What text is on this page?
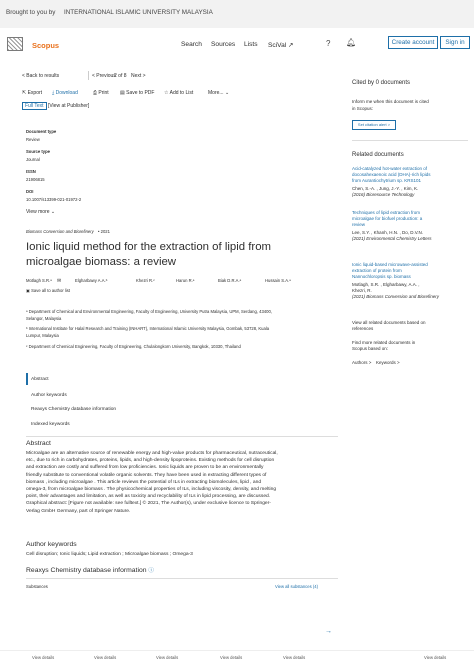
Brought to you by INTERNATIONAL ISLAMIC UNIVERSITY MALAYSIA
Scopus	Search Sources Lists SciVal ↗	? 🔔︎	Create account	Sign in
< Back to results	< Previous
2 of 8 Next >
⇱ Export ⤓ Download	⎙ Print ▤ Save to PDF ☆ Add to List	More... ⌄
Full Text [View at Publisher]
Document type
Review
Source type
Journal
ISSN
21906815
DOI
10.1007/s13399-021-01972-2
View more ⌄
Biomass Conversion and Biorefinery • 2021
Ionic liquid method for the extraction of lipid from
microalgae biomass: a review
Motlagh S.R.ᵃ ✉	Elgharbawy A.A.ᵇ	Khezri R.ᶜ	Harun R.ᵃ	Biak D.R.A.ᵃ	Hussain S.A.ᵃ
▣ Save all to author list
ᵃ Department of Chemical and Environmental Engineering, Faculty of Engineering, University Putra Malaysia, UPM, Serdang, 43400,
Selangor, Malaysia
ᵇ International Institute for Halal Research and Training (INHART), International Islamic University Malaysia, Gombak, 53728, Kuala
Lumpur, Malaysia
ᶜ Department of Chemical Engineering, Faculty of Engineering, Chulalongkorn University, Bangkok, 10330, Thailand
Abstract
Author keywords
Reaxys Chemistry database information
Indexed keywords
Abstract
Microalgae are an alternative source of renewable energy and high-value products for pharmaceutical, nutraceutical,
etc., due to rich in carbohydrates, proteins, lipids, and high-density lipoproteins. Existing methods for cell disruption
and extraction are costly and suffered from low proficiencies. Ionic liquids are proven to be an environmentally
friendly substitute to conventional volatile organic solvents. They have been used in extracting different types of
biomass , including microalgae . This article reviews the potential of ILs in extracting biomolecules, lipid , and
omega-3, from microalgae biomass . The physicochemical properties of ILs, including viscosity, density, and melting
point, their advantages and limitation, as well as toxicity and recyclability of ILs in lipid processing, are discussed.
Graphical abstract: [Figure not available: see fulltext.] © 2021, The Author(s), under exclusive licence to Springer-
Verlag GmbH Germany, part of Springer Nature.
Author keywords
Cell disruption; Ionic liquids; Lipid extraction ; Microalgae biomass ; Omega-3
Reaxys Chemistry database information ⓘ
Substances	View all substances (4)
→
View details	View details	View details	View details	View details	View details
Cited by 0 documents
Inform me when this document is cited
in Scopus:
Set citation alert >
Related documents
Acid-catalyzed hot-water extraction of
docosahexaenoic acid (DHA)-rich lipids
from Aurantiochytrium sp. KRS101
Chen, S.-A. , Jung, J.-Y. , Kim, K.
(2016) Bioresource Technology
Techniques of lipid extraction from
microalgae for biofuel production: a
review
Lee, S.Y. , Khanh, H.N. , Do, D.V.N.
(2021) Environmental Chemistry Letters
Ionic liquid-based microwave-assisted
extraction of protein from
Nannochloropsis sp. biomass
Motlagh, S.R. , Elgharbawy, A.A. ,
Khezri, R.
(2021) Biomass Conversion and Biorefinery
View all related documents based on
references
Find more related documents in
Scopus based on:
Authors > Keywords >
